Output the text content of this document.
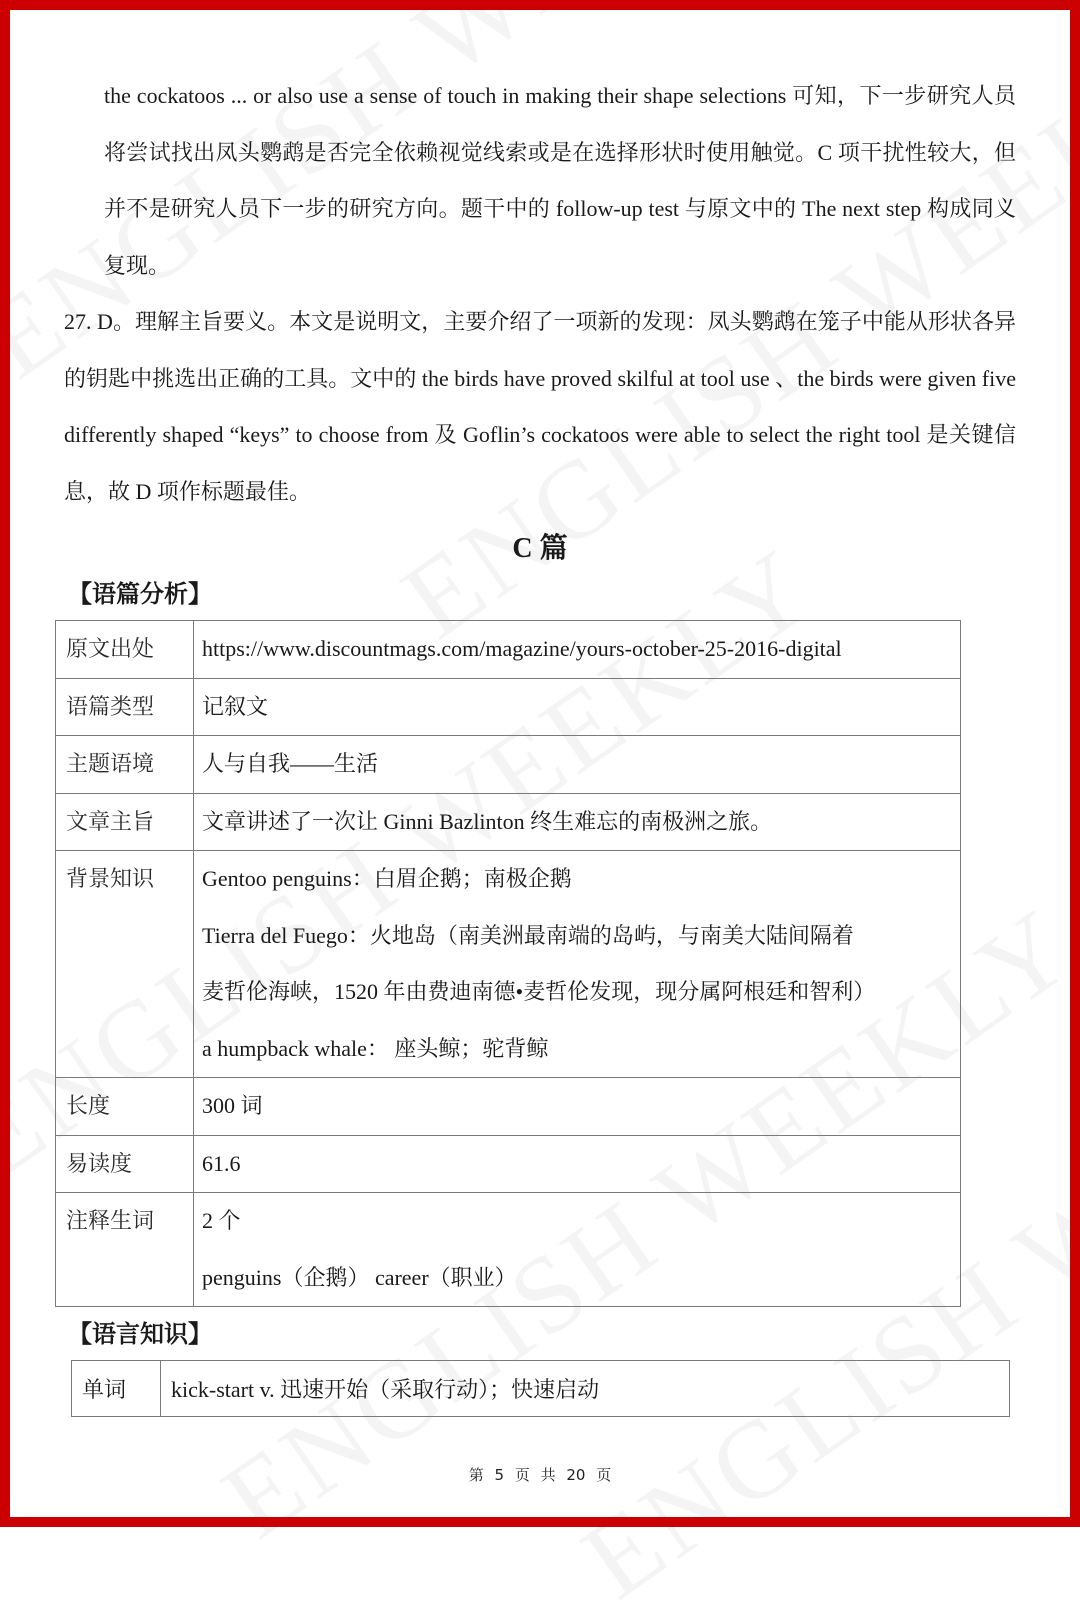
the cockatoos ... or also use a sense of touch in making their shape selections 可知，下一步研究人员将尝试找出凤头鹦鹉是否完全依赖视觉线索或是在选择形状时使用触觉。C 项干扰性较大，但并不是研究人员下一步的研究方向。题干中的 follow-up test 与原文中的 The next step 构成同义复现。
27. D。理解主旨要义。本文是说明文，主要介绍了一项新的发现：凤头鹦鹉在笼子中能从形状各异的钥匙中挑选出正确的工具。文中的 the birds have proved skilful at tool use 、the birds were given five differently shaped “keys” to choose from 及 Goflin’s cockatoos were able to select the right tool 是关键信息，故 D 项作标题最佳。
C 篇
【语篇分析】
原文出处	https://www.discountmags.com/magazine/yours-october-25-2016-digital

语篇类型	记叙文

主题语境	人与自我——生活

文章主旨	文章讲述了一次让 Ginni Bazlinton 终生难忘的南极洲之旅。

背景知识	Gentoo penguins：白眉企鹅；南极企鹅
Tierra del Fuego：火地岛（南美洲最南端的岛屿，与南美大陆间隔着
麦哲伦海峡，1520 年由费迪南德•麦哲伦发现，现分属阿根廷和智利）
a humpback whale： 座头鲸；驼背鲸

长度	300 词

易读度	61.6

注释生词	2 个
penguins（企鹅） career（职业）
【语言知识】
单词	kick-start v. 迅速开始（采取行动）；快速启动
第 5 页 共 20 页
